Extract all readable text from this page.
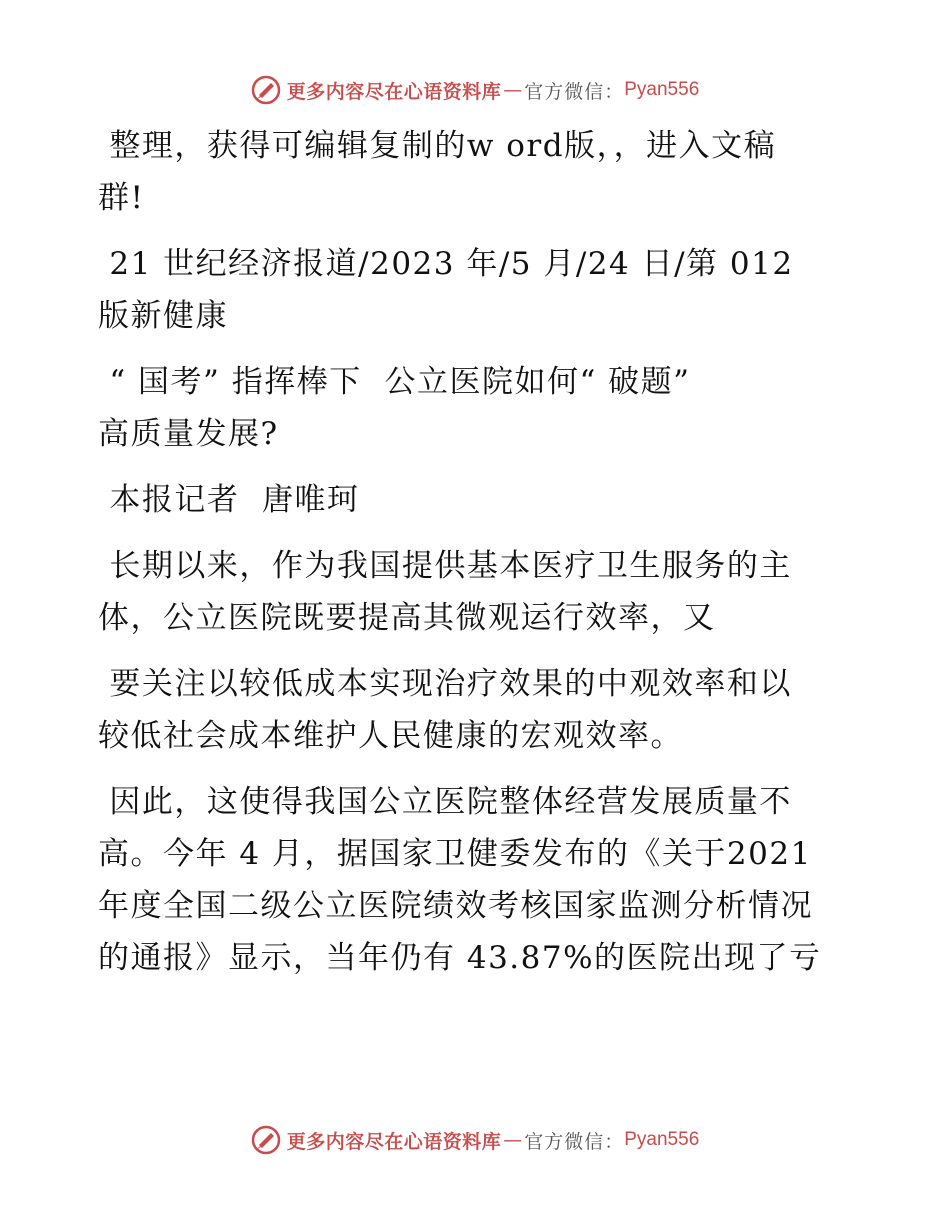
更多内容尽在心语资料库 — 官方微信： Pyan556
整理，获得可编辑复制的w ord版，，进入文稿
群!
21 世纪经济报道/2023 年/5 月/24 日/第 012
版新健康
“ 国考” 指挥棒下  公立医院如何“ 破题”
高质量发展?
本报记者  唐唯珂
长期以来，作为我国提供基本医疗卫生服务的主
体，公立医院既要提高其微观运行效率，又
要关注以较低成本实现治疗效果的中观效率和以
较低社会成本维护人民健康的宏观效率。
因此，这使得我国公立医院整体经营发展质量不
高。今年 4 月，据国家卫健委发布的《关于2021
年度全国二级公立医院绩效考核国家监测分析情况
的通报》显示，当年仍有 43.87%的医院出现了亏
更多内容尽在心语资料库 — 官方微信： Pyan556
